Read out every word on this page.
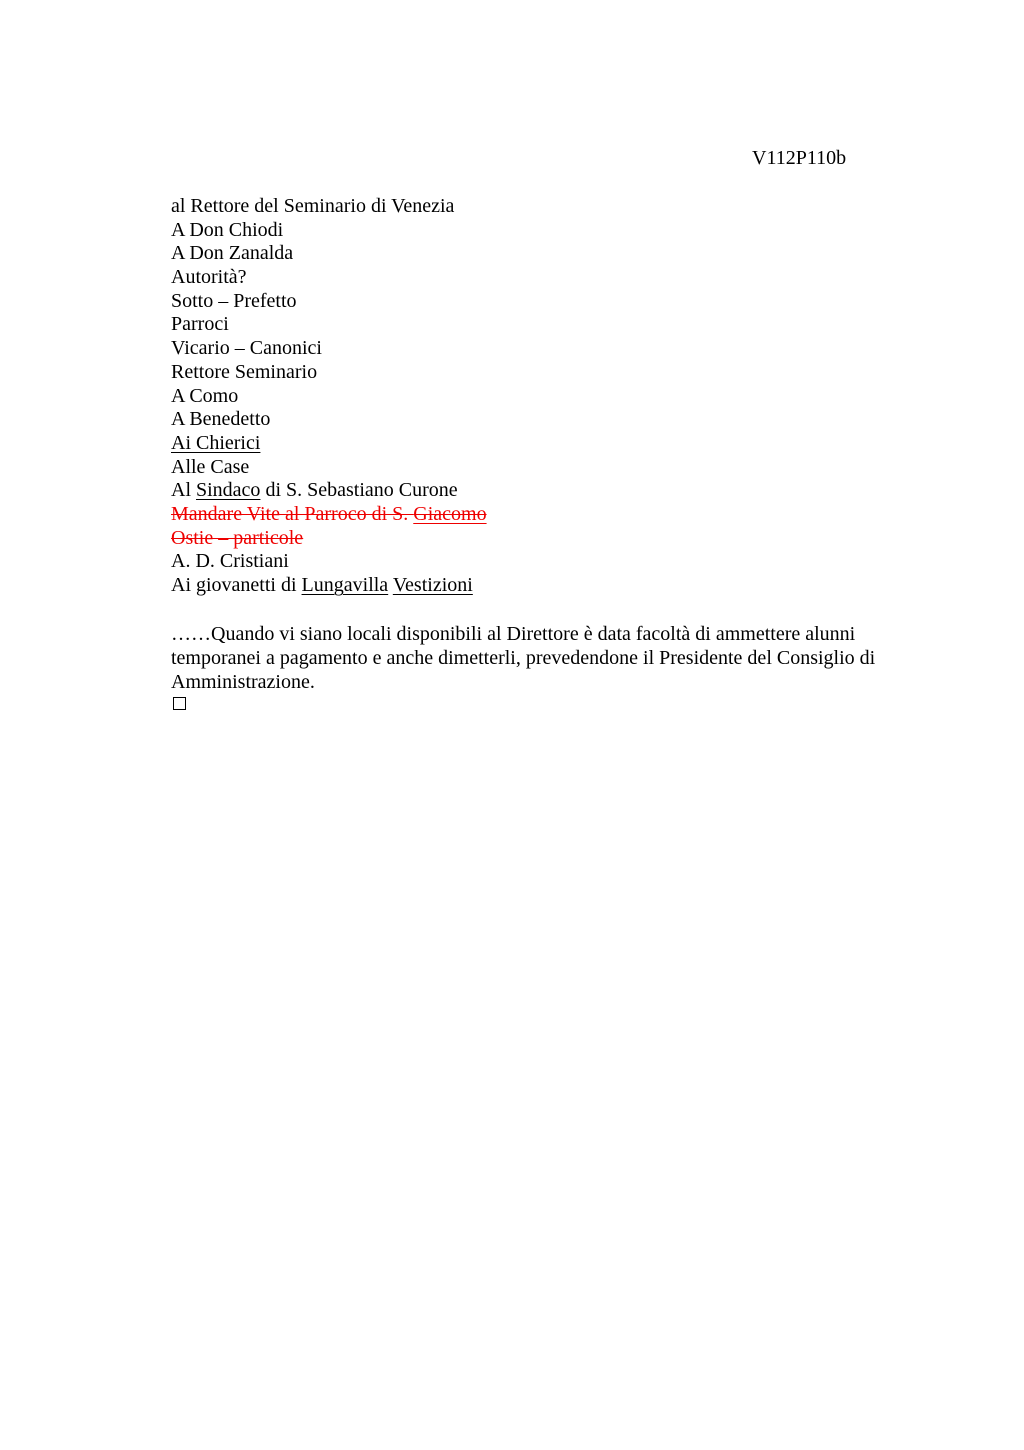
V112P110b
al Rettore del Seminario di Venezia
A Don Chiodi
A Don Zanalda
Autorità?
Sotto – Prefetto
Parroci
Vicario – Canonici
Rettore Seminario
A Como
A Benedetto
Ai Chierici
Alle Case
Al Sindaco di S. Sebastiano Curone
Mandare Vite al Parroco di S. Giacomo
Ostie – particole
A. D. Cristiani
Ai giovanetti di Lungavilla Vestizioni

……Quando vi siano locali disponibili al Direttore è data facoltà di ammettere alunni temporanei a pagamento e anche dimetterli, prevedendone il Presidente del Consiglio di Amministrazione.
